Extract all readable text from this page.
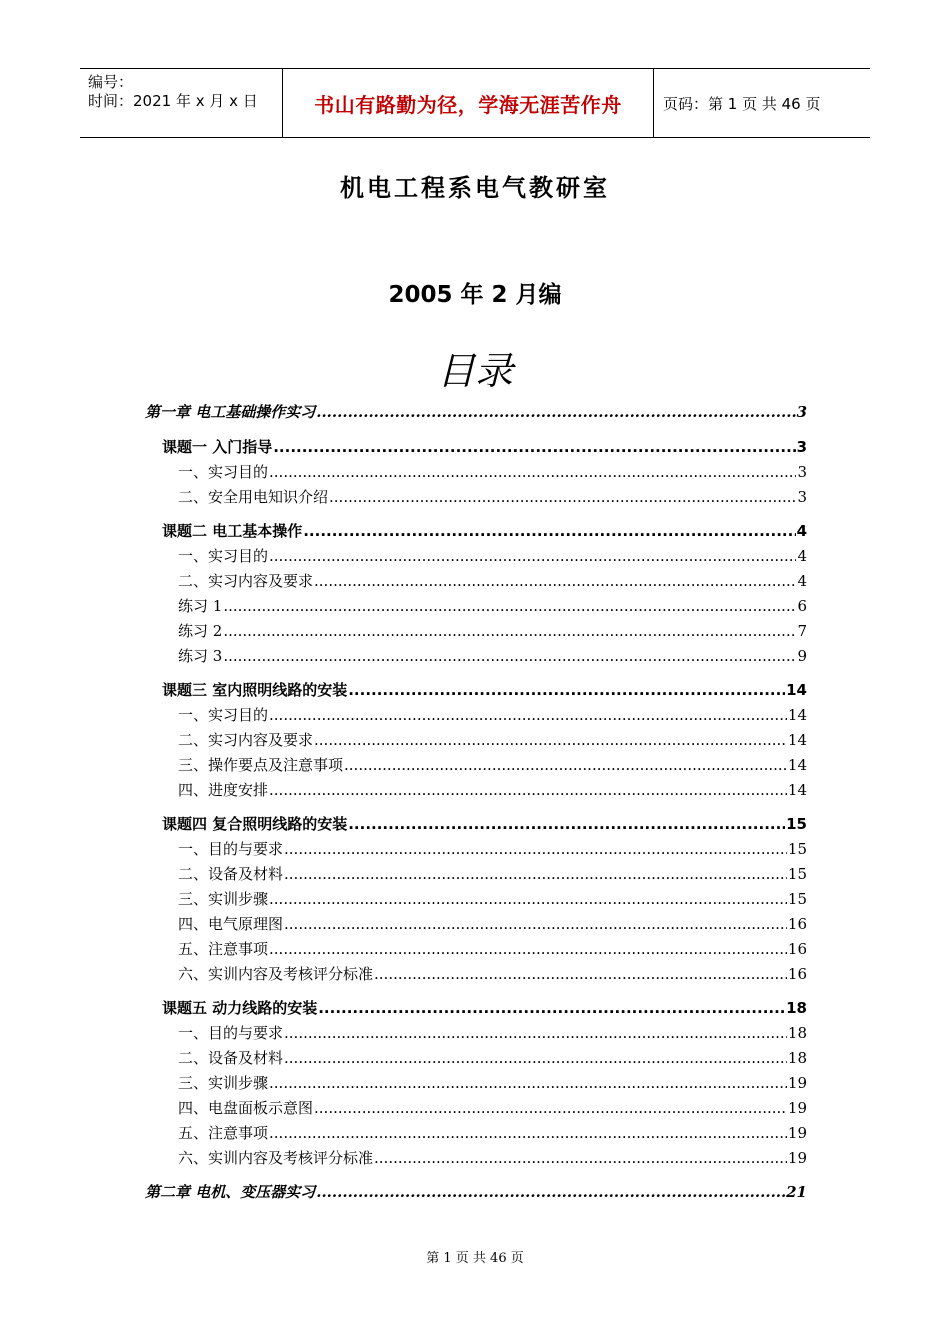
编号：
时间：2021 年 x 月 x 日	书山有路勤为径，学海无涯苦作舟	页码：第 1 页 共 46 页
机电工程系电气教研室
2005 年 2 月编
目录
第一章 电工基础操作实习 .....	3
课题一 入门指导 .....	3
一、实习目的 .....	3
二、安全用电知识介绍 .....	3
课题二 电工基本操作 .....	4
一、实习目的 .....	4
二、实习内容及要求 .....	4
练习 1 .....	6
练习 2 .....	7
练习 3 .....	9
课题三 室内照明线路的安装 .....	14
一、实习目的 .....	14
二、实习内容及要求 .....	14
三、操作要点及注意事项 .....	14
四、进度安排 .....	14
课题四 复合照明线路的安装 .....	15
一、目的与要求 .....	15
二、设备及材料 .....	15
三、实训步骤 .....	15
四、电气原理图 .....	16
五、注意事项 .....	16
六、实训内容及考核评分标准 .....	16
课题五 动力线路的安装 .....	18
一、目的与要求 .....	18
二、设备及材料 .....	18
三、实训步骤 .....	19
四、电盘面板示意图 .....	19
五、注意事项 .....	19
六、实训内容及考核评分标准 .....	19
第二章 电机、变压器实习 .....	21
第 1 页 共 46 页
